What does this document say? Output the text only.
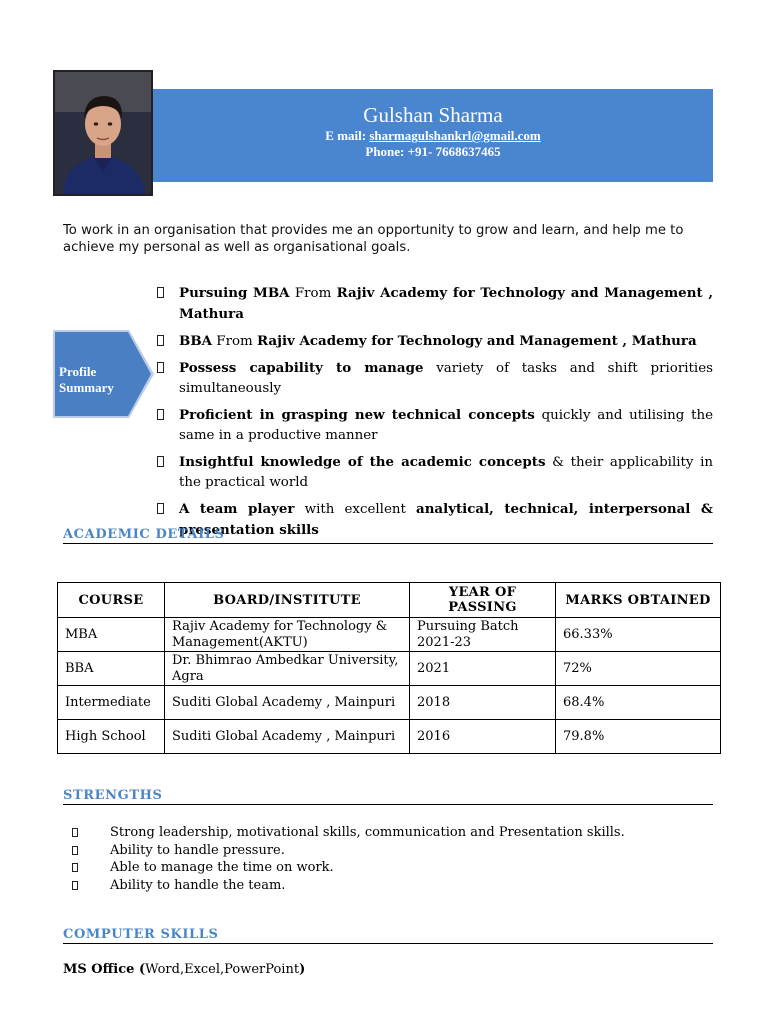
Gulshan Sharma
E mail: sharmagulshankrl@gmail.com
Phone: +91- 7668637465
To work in an organisation that provides me an opportunity to grow and learn, and help me to achieve my personal as well as organisational goals.
Profile
Summary
Pursuing MBA From Rajiv Academy for Technology and Management , Mathura
BBA From Rajiv Academy for Technology and Management , Mathura
Possess capability to manage variety of tasks and shift priorities simultaneously
Proficient in grasping new technical concepts quickly and utilising the same in a productive manner
Insightful knowledge of the academic concepts & their applicability in the practical world
A team player with excellent analytical, technical, interpersonal & presentation skills
ACADEMIC DETAILS
COURSE	BOARD/INSTITUTE	YEAR OF PASSING	MARKS OBTAINED
MBA	Rajiv Academy for Technology & Management(AKTU)	Pursuing Batch 2021-23	66.33%
BBA	Dr. Bhimrao Ambedkar University, Agra	2021	72%
Intermediate	Suditi Global Academy , Mainpuri	2018	68.4%
High School	Suditi Global Academy , Mainpuri	2016	79.8%
STRENGTHS
Strong leadership, motivational skills, communication and Presentation skills.
Ability to handle pressure.
Able to manage the time on work.
Ability to handle the team.
COMPUTER SKILLS
MS Office (Word,Excel,PowerPoint)
